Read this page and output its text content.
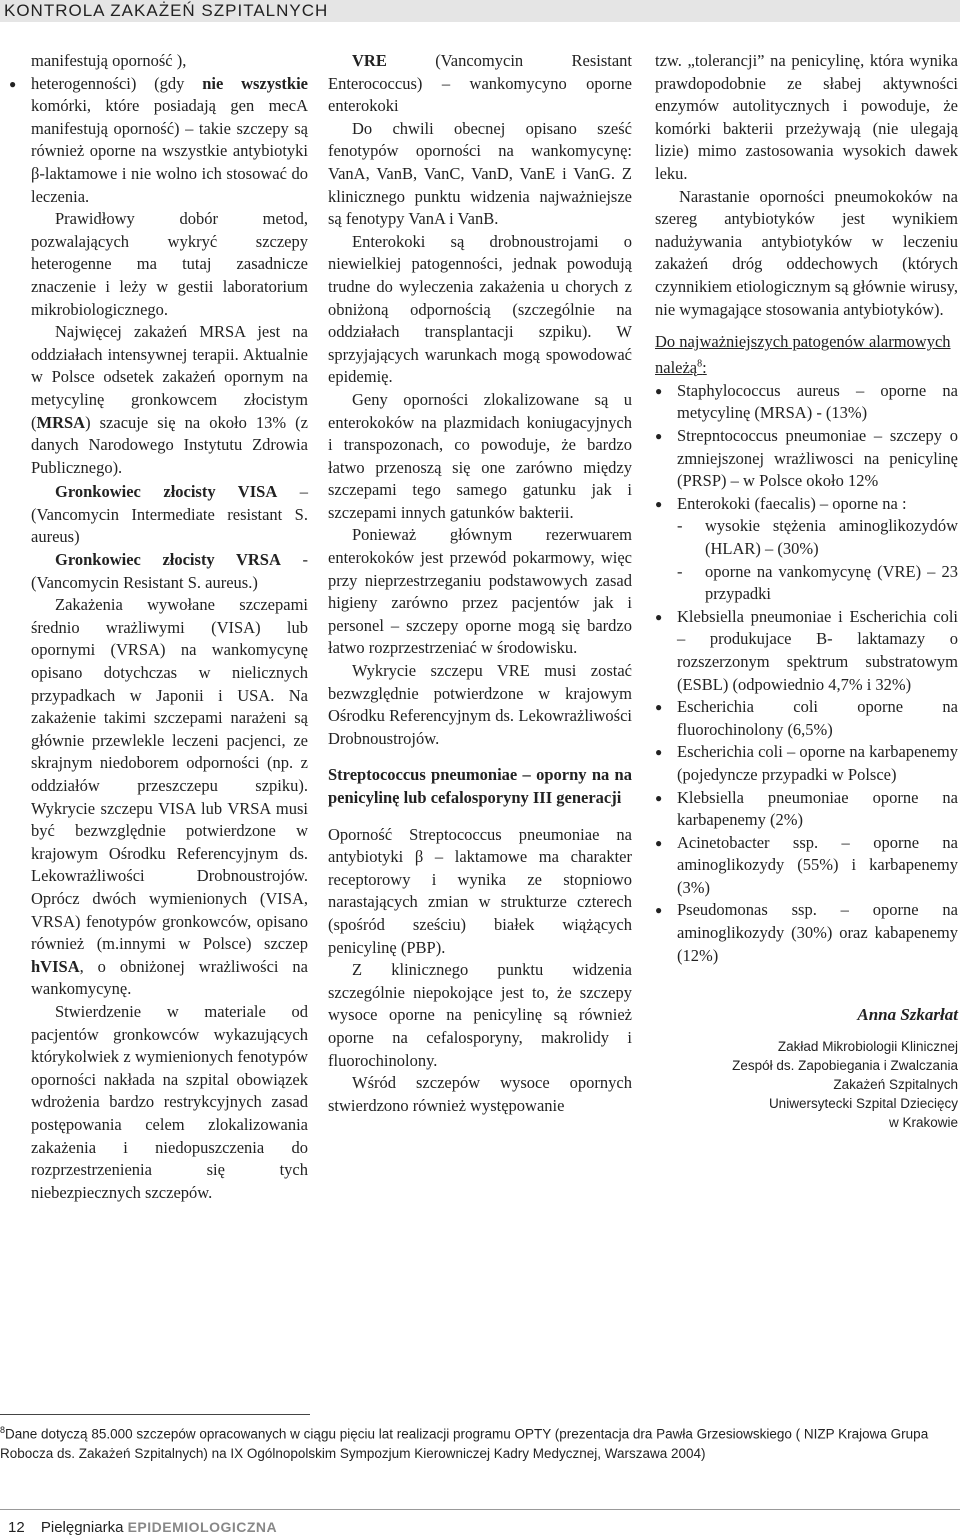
KONTROLA ZAKAŻEŃ SZPITALNYCH

manifestują oporność ),

● heterogenności) (gdy nie wszystkie komórki, które posiadają gen mecA manifestują oporność) – takie szczepy są również oporne na wszystkie antybiotyki β-laktamowe i nie wolno ich stosować do leczenia.

Prawidłowy dobór metod, pozwalających wykryć szczepy heterogenne ma tutaj zasadnicze znaczenie i leży w gestii laboratorium mikrobiologicznego.

Najwięcej zakażeń MRSA jest na oddziałach intensywnej terapii. Aktualnie w Polsce odsetek zakażeń opornym na metycylinę gronkowcem złocistym (MRSA) szacuje się na około 13% (z danych Narodowego Instytutu Zdrowia Publicznego).

Gronkowiec złocisty VISA – (Vancomycin Intermediate resistant S. aureus)

Gronkowiec złocisty VRSA - (Vancomycin Resistant S. aureus.)

Zakażenia wywołane szczepami średnio wrażliwymi (VISA) lub opornymi (VRSA) na wankomycynę opisano dotychczas w nielicznych przypadkach w Japonii i USA. Na zakażenie takimi szczepami narażeni są głównie przewlekle leczeni pacjenci, ze skrajnym niedoborem odporności (np. z oddziałów przeszczepu szpiku). Wykrycie szczepu VISA lub VRSA musi być bezwzględnie potwierdzone w krajowym Ośrodku Referencyjnym ds. Lekowrażliwości Drobnoustrojów. Oprócz dwóch wymienionych (VISA, VRSA) fenotypów gronkowców, opisano również (m.innymi w Polsce) szczep hVISA, o obniżonej wrażliwości na wankomycynę.

Stwierdzenie w materiale od pacjentów gronkowców wykazujących którykolwiek z wymienionych fenotypów oporności nakłada na szpital obowiązek wdrożenia bardzo restrykcyjnych zasad postępowania celem zlokalizowania zakażenia i niedopuszczenia do rozprzestrzenienia się tych niebezpiecznych szczepów.

VRE (Vancomycin Resistant Enterococcus) – wankomycyno oporne enterokoki

Do chwili obecnej opisano sześć fenotypów oporności na wankomycynę: VanA, VanB, VanC, VanD, VanE i VanG. Z klinicznego punktu widzenia najważniejsze są fenotypy VanA i VanB.

Enterokoki są drobnoustrojami o niewielkiej patogenności, jednak powodują trudne do wyleczenia zakażenia u chorych z obniżoną odpornością (szczególnie na oddziałach transplantacji szpiku). W sprzyjających warunkach mogą spowodować epidemię.

Geny oporności zlokalizowane są u enterokoków na plazmidach koniugacyjnych i transpozonach, co powoduje, że bardzo łatwo przenoszą się one zarówno między szczepami tego samego gatunku jak i szczepami innych gatunków bakterii.

Ponieważ głównym rezerwuarem enterokoków jest przewód pokarmowy, więc przy nieprzestrzeganiu podstawowych zasad higieny zarówno przez pacjentów jak i personel – szczepy oporne mogą się bardzo łatwo rozprzestrzeniać w środowisku.

Wykrycie szczepu VRE musi zostać bezwzględnie potwierdzone w krajowym Ośrodku Referencyjnym ds. Lekowrażliwości Drobnoustrojów.

Streptococcus pneumoniae – oporny na na penicylinę lub cefalosporyny III generacji

Oporność Streptococcus pneumoniae na antybiotyki β – laktamowe ma charakter receptorowy i wynika ze stopniowo narastających zmian w strukturze czterech (spośród sześciu) białek wiążących penicylinę (PBP).

Z klinicznego punktu widzenia szczególnie niepokojące jest to, że szczepy wysoce oporne na penicylinę są również oporne na cefalosporyny, makrolidy i fluorochinolony.

Wśród szczepów wysoce opornych stwierdzono również występowanie

tzw. „tolerancji” na penicylinę, która wynika prawdopodobnie ze słabej aktywności enzymów autolitycznych i powoduje, że komórki bakterii przeżywają (nie ulegają lizie) mimo zastosowania wysokich dawek leku.

Narastanie oporności pneumokoków na szereg antybiotyków jest wynikiem nadużywania antybiotyków w leczeniu zakażeń dróg oddechowych (których czynnikiem etiologicznym są głównie wirusy, nie wymagające stosowania antybiotyków).

Do najważniejszych patogenów alarmowych należą$^8$:

● Staphylococcus aureus – oporne na metycylinę (MRSA) - (13%)
● Strepntococcus pneumoniae – szczepy o zmniejszonej wrażliwosci na penicylinę (PRSP) – w Polsce około 12%
● Enterokoki (faecalis) – oporne na :
- wysokie stężenia aminoglikozydów (HLAR) – (30%)
- oporne na vankomycynę (VRE) – 23 przypadki
● Klebsiella pneumoniae i Escherichia coli – produkujace B- laktamazy o rozszerzonym spektrum substratowym (ESBL) (odpowiednio 4,7% i 32%)
● Escherichia coli oporne na fluorochinolony (6,5%)
● Escherichia coli – oporne na karbapenemy (pojedyncze przypadki w Polsce)
● Klebsiella pneumoniae oporne na karbapenemy (2%)
● Acinetobacter ssp. – oporne na aminoglikozydy (55%) i karbapenemy (3%)
● Pseudomonas ssp. – oporne na aminoglikozydy (30%) oraz kabapenemy (12%)
Anna Szkarłat
Zakład Mikrobiologii Klinicznej
Zespół ds. Zapobiegania i Zwalczania
Zakażeń Szpitalnych
Uniwersytecki Szpital Dziecięcy
w Krakowie
$^8$Dane dotyczą 85.000 szczepów opracowanych w ciągu pięciu lat realizacji programu OPTY (prezentacja dra Pawła Grzesiowskiego ( NIZP Krajowa Grupa Robocza ds. Zakażeń Szpitalnych) na IX Ogólnopolskim Sympozjum Kierowniczej Kadry Medycznej, Warszawa 2004)
12 Pielęgniarka EPIDEMIOLOGICZNA
